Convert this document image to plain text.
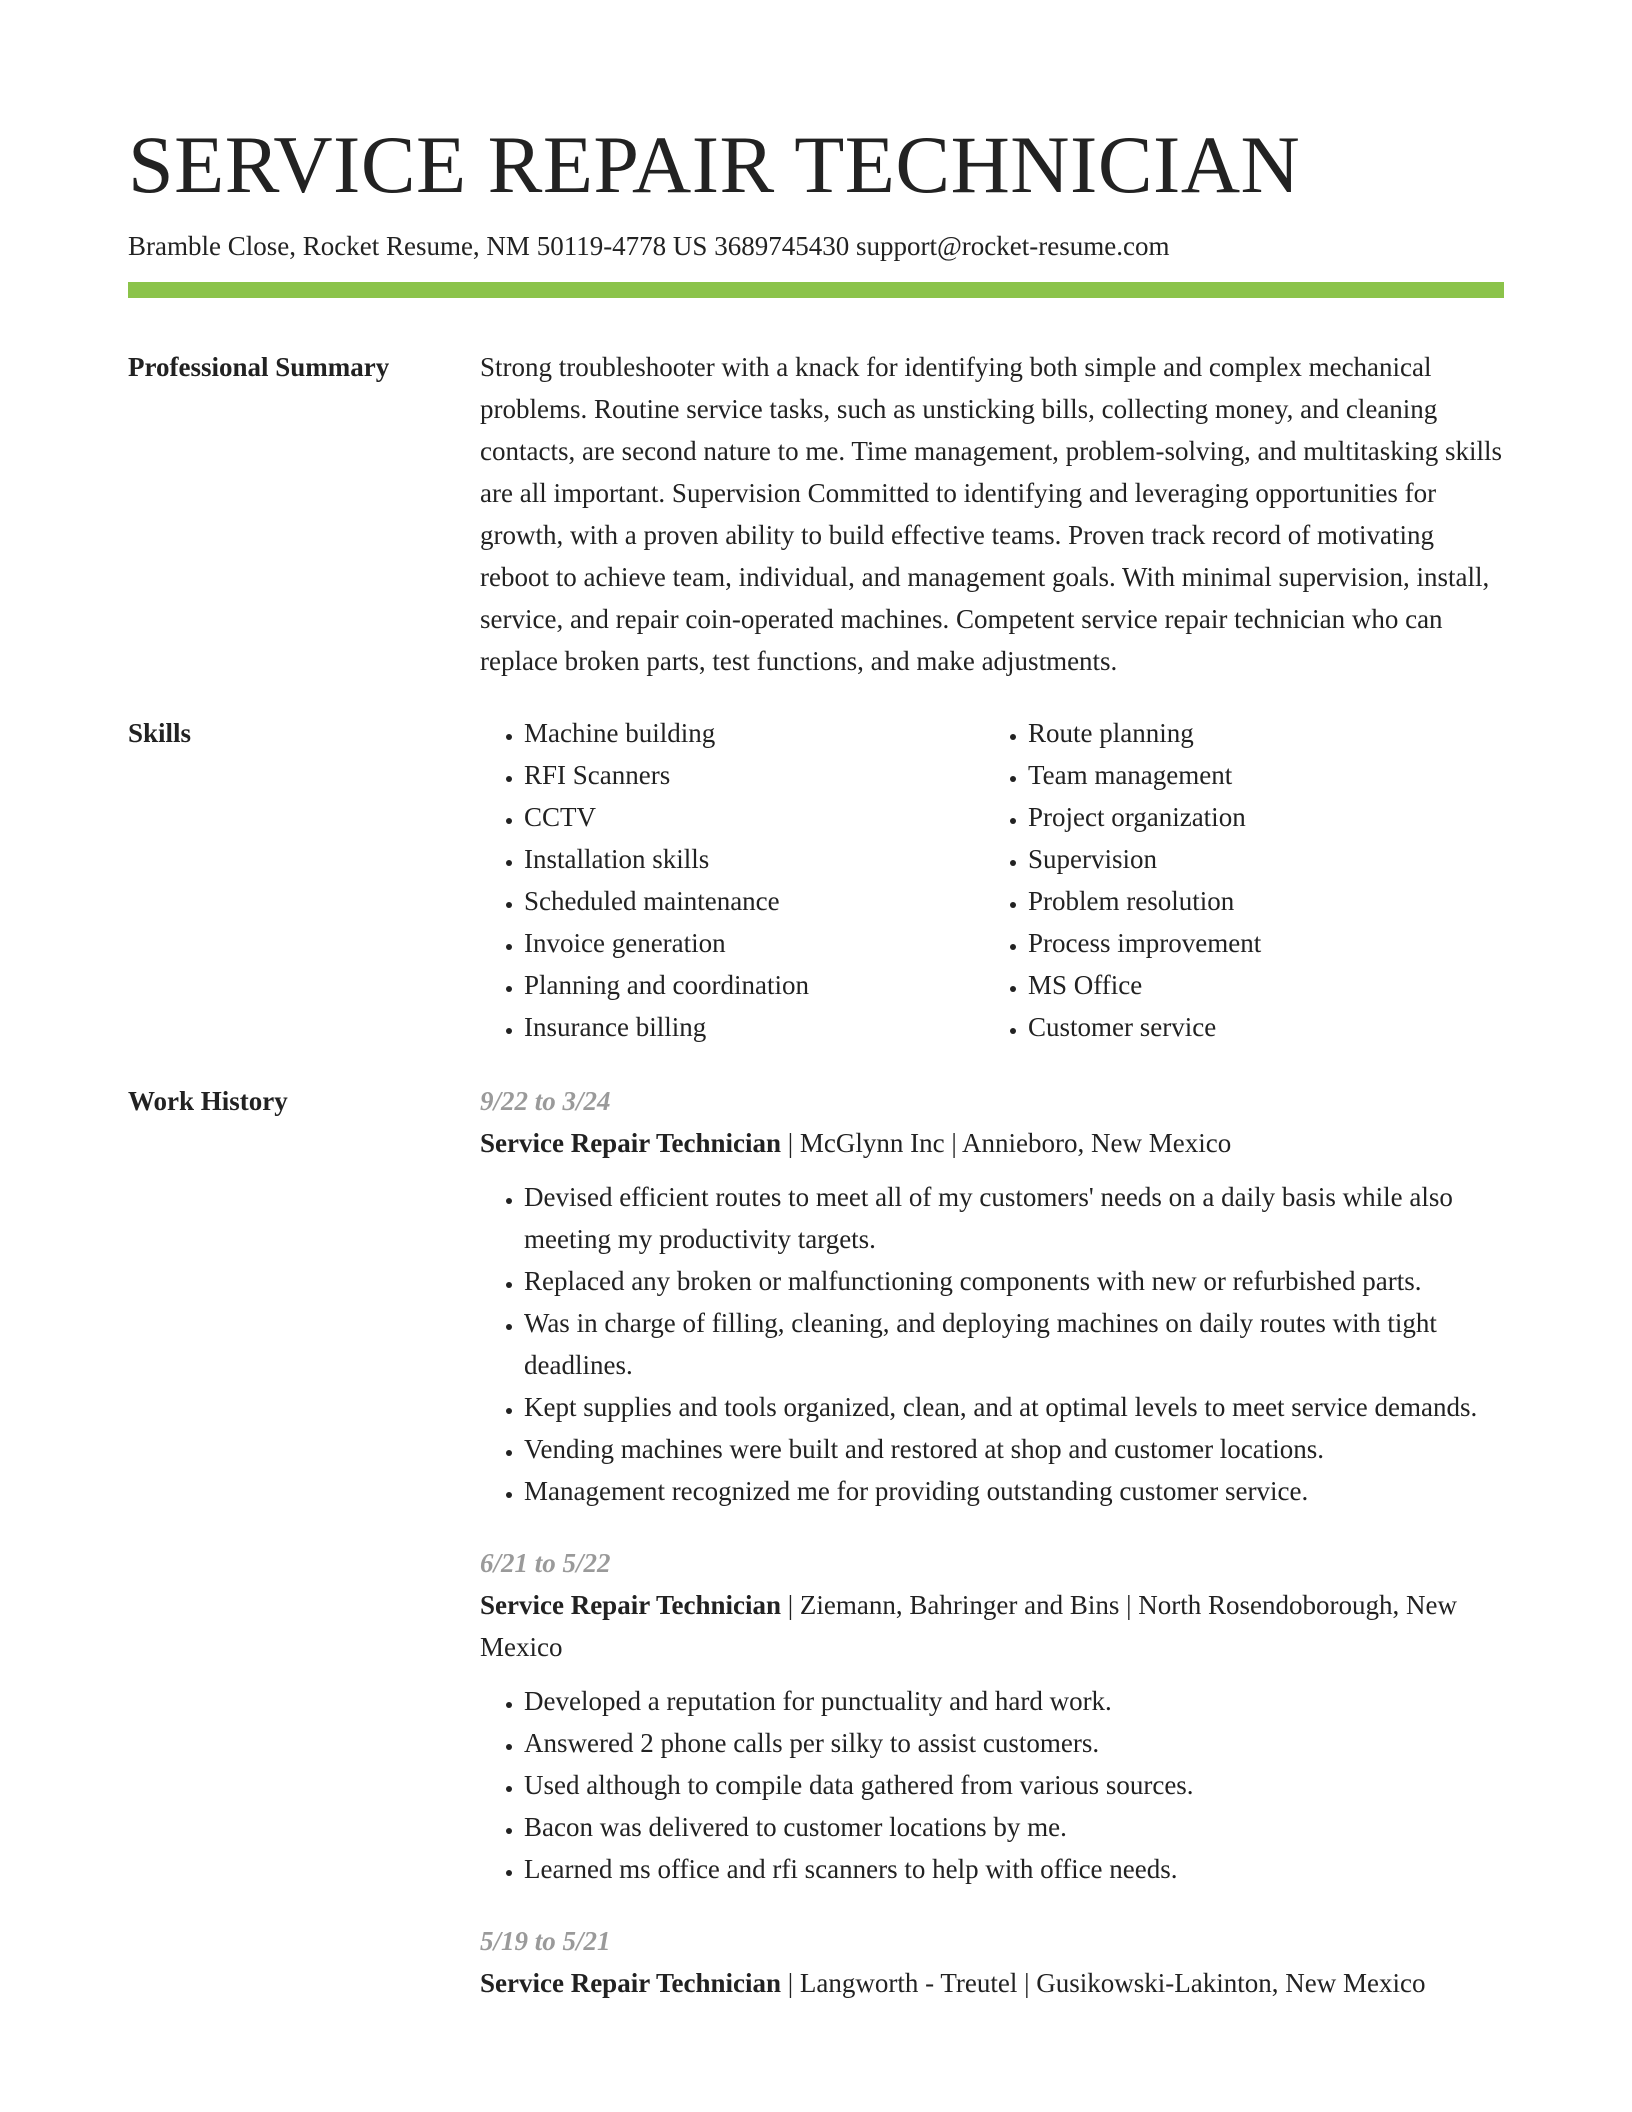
SERVICE REPAIR TECHNICIAN
Bramble Close, Rocket Resume, NM 50119-4778 US 3689745430 support@rocket-resume.com
Professional Summary	Strong troubleshooter with a knack for identifying both simple and complex mechanical problems. Routine service tasks, such as unsticking bills, collecting money, and cleaning contacts, are second nature to me. Time management, problem-solving, and multitasking skills are all important. Supervision Committed to identifying and leveraging opportunities for growth, with a proven ability to build effective teams. Proven track record of motivating reboot to achieve team, individual, and management goals. With minimal supervision, install, service, and repair coin-operated machines. Competent service repair technician who can replace broken parts, test functions, and make adjustments.

Skills
•	Machine building
• RFI Scanners
• CCTV
• Installation skills
• Scheduled maintenance
• Invoice generation
• Planning and coordination
• Insurance billing
• Route planning
• Team management
• Project organization
• Supervision
• Problem resolution
• Process improvement
• MS Office
• Customer service
Work History	9/22 to 3/24
Service Repair Technician | McGlynn Inc | Annieboro, New Mexico
• Devised efficient routes to meet all of my customers' needs on a daily basis while also meeting my productivity targets.
• Replaced any broken or malfunctioning components with new or refurbished parts.
• Was in charge of filling, cleaning, and deploying machines on daily routes with tight deadlines.
• Kept supplies and tools organized, clean, and at optimal levels to meet service demands.
• Vending machines were built and restored at shop and customer locations.
• Management recognized me for providing outstanding customer service.
6/21 to 5/22
Service Repair Technician | Ziemann, Bahringer and Bins | North Rosendoborough, New Mexico
• Developed a reputation for punctuality and hard work.
• Answered 2 phone calls per silky to assist customers.
• Used although to compile data gathered from various sources.
• Bacon was delivered to customer locations by me.
• Learned ms office and rfi scanners to help with office needs.
5/19 to 5/21
Service Repair Technician | Langworth - Treutel | Gusikowski-Lakinton, New Mexico
